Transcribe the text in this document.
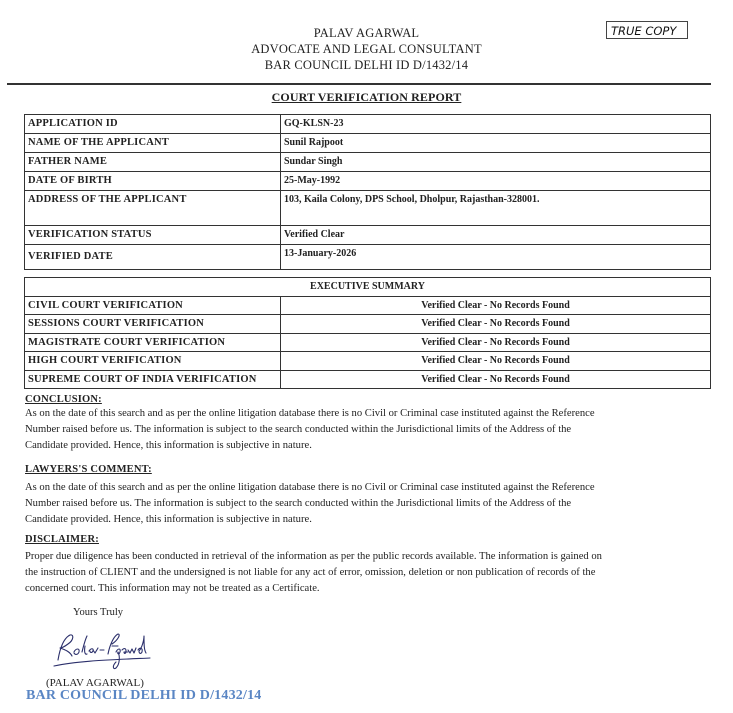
PALAV AGARWAL
ADVOCATE AND LEGAL CONSULTANT
BAR COUNCIL DELHI ID D/1432/14
TRUE COPY
COURT VERIFICATION REPORT
APPLICATION ID	GQ-KLSN-23
NAME OF THE APPLICANT	Sunil Rajpoot
FATHER NAME	Sundar Singh
DATE OF BIRTH	25-May-1992
ADDRESS OF THE APPLICANT	103, Kaila Colony, DPS School, Dholpur, Rajasthan-328001.
VERIFICATION STATUS	Verified Clear
VERIFIED DATE	13-January-2026
EXECUTIVE SUMMARY	
CIVIL COURT VERIFICATION	Verified Clear - No Records Found
SESSIONS COURT VERIFICATION	Verified Clear - No Records Found
MAGISTRATE COURT VERIFICATION	Verified Clear - No Records Found
HIGH COURT VERIFICATION	Verified Clear - No Records Found
SUPREME COURT OF INDIA VERIFICATION	Verified Clear - No Records Found
CONCLUSION:
As on the date of this search and as per the online litigation database there is no Civil or Criminal case instituted against the Reference
Number raised before us. The information is subject to the search conducted within the Jurisdictional limits of the Address of the
Candidate provided. Hence, this information is subjective in nature.
LAWYERS'S COMMENT:
As on the date of this search and as per the online litigation database there is no Civil or Criminal case instituted against the Reference
Number raised before us. The information is subject to the search conducted within the Jurisdictional limits of the Address of the
Candidate provided. Hence, this information is subjective in nature.
DISCLAIMER:
Proper due diligence has been conducted in retrieval of the information as per the public records available. The information is gained on
the instruction of CLIENT and the undersigned is not liable for any act of error, omission, deletion or non publication of records of the
concerned court. This information may not be treated as a Certificate.
Yours Truly
(PALAV AGARWAL)
BAR COUNCIL DELHI ID D/1432/14
